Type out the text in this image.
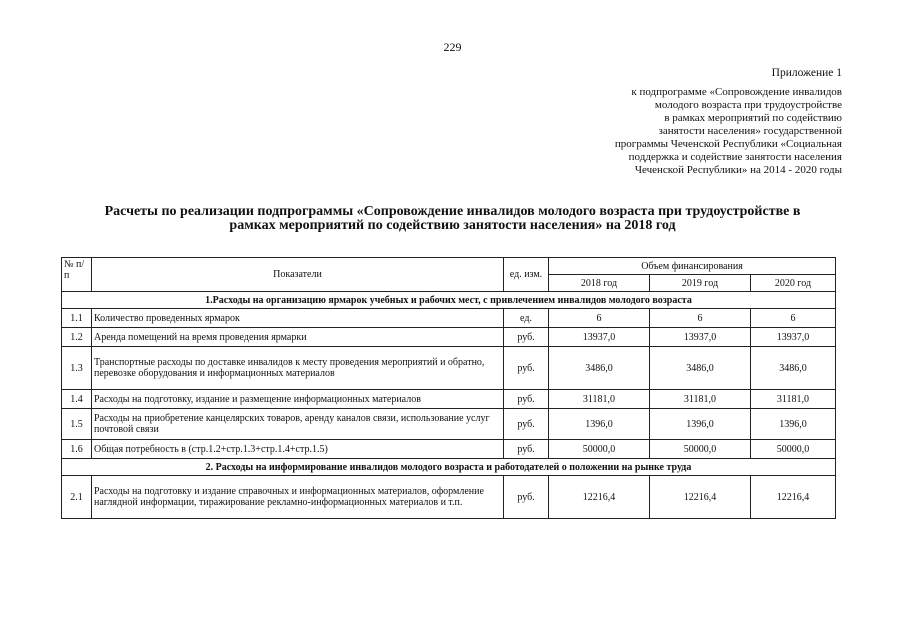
229
Приложение 1
к подпрограмме «Сопровождение инвалидов
молодого возраста при трудоустройстве
в рамках мероприятий по содействию
занятости населения» государственной
программы Чеченской Республики «Социальная
поддержка и содействие занятости населения
Чеченской Республики» на 2014 - 2020 годы
Расчеты по реализации подпрограммы «Сопровождение инвалидов молодого возраста при трудоустройстве в
рамках мероприятий по содействию занятости населения» на 2018 год
№ п/п	Показатели	ед. изм.	Объем финансирования		
			2018 год	2019 год	2020 год
1.Расходы на организацию ярмарок учебных и рабочих мест, с привлечением инвалидов молодого возраста					
1.1	Количество проведенных ярмарок	ед.	6	6	6
1.2	Аренда помещений на время проведения ярмарки	руб.	13937,0	13937,0	13937,0
1.3	Транспортные расходы по доставке инвалидов к месту проведения мероприятий и обратно, перевозке оборудования и информационных материалов	руб.	3486,0	3486,0	3486,0
1.4	Расходы на подготовку, издание и размещение информационных материалов	руб.	31181,0	31181,0	31181,0
1.5	Расходы на приобретение канцелярских товаров, аренду каналов связи, использование услуг почтовой связи	руб.	1396,0	1396,0	1396,0
1.6	Общая потребность в (стр.1.2+стр.1.3+стр.1.4+стр.1.5)	руб.	50000,0	50000,0	50000,0
2. Расходы на информирование инвалидов молодого возраста и работодателей о положении на рынке труда					
2.1	Расходы на подготовку и издание справочных и информационных материалов, оформление наглядной информации, тиражирование рекламно-информационных материалов и т.п.	руб.	12216,4	12216,4	12216,4
